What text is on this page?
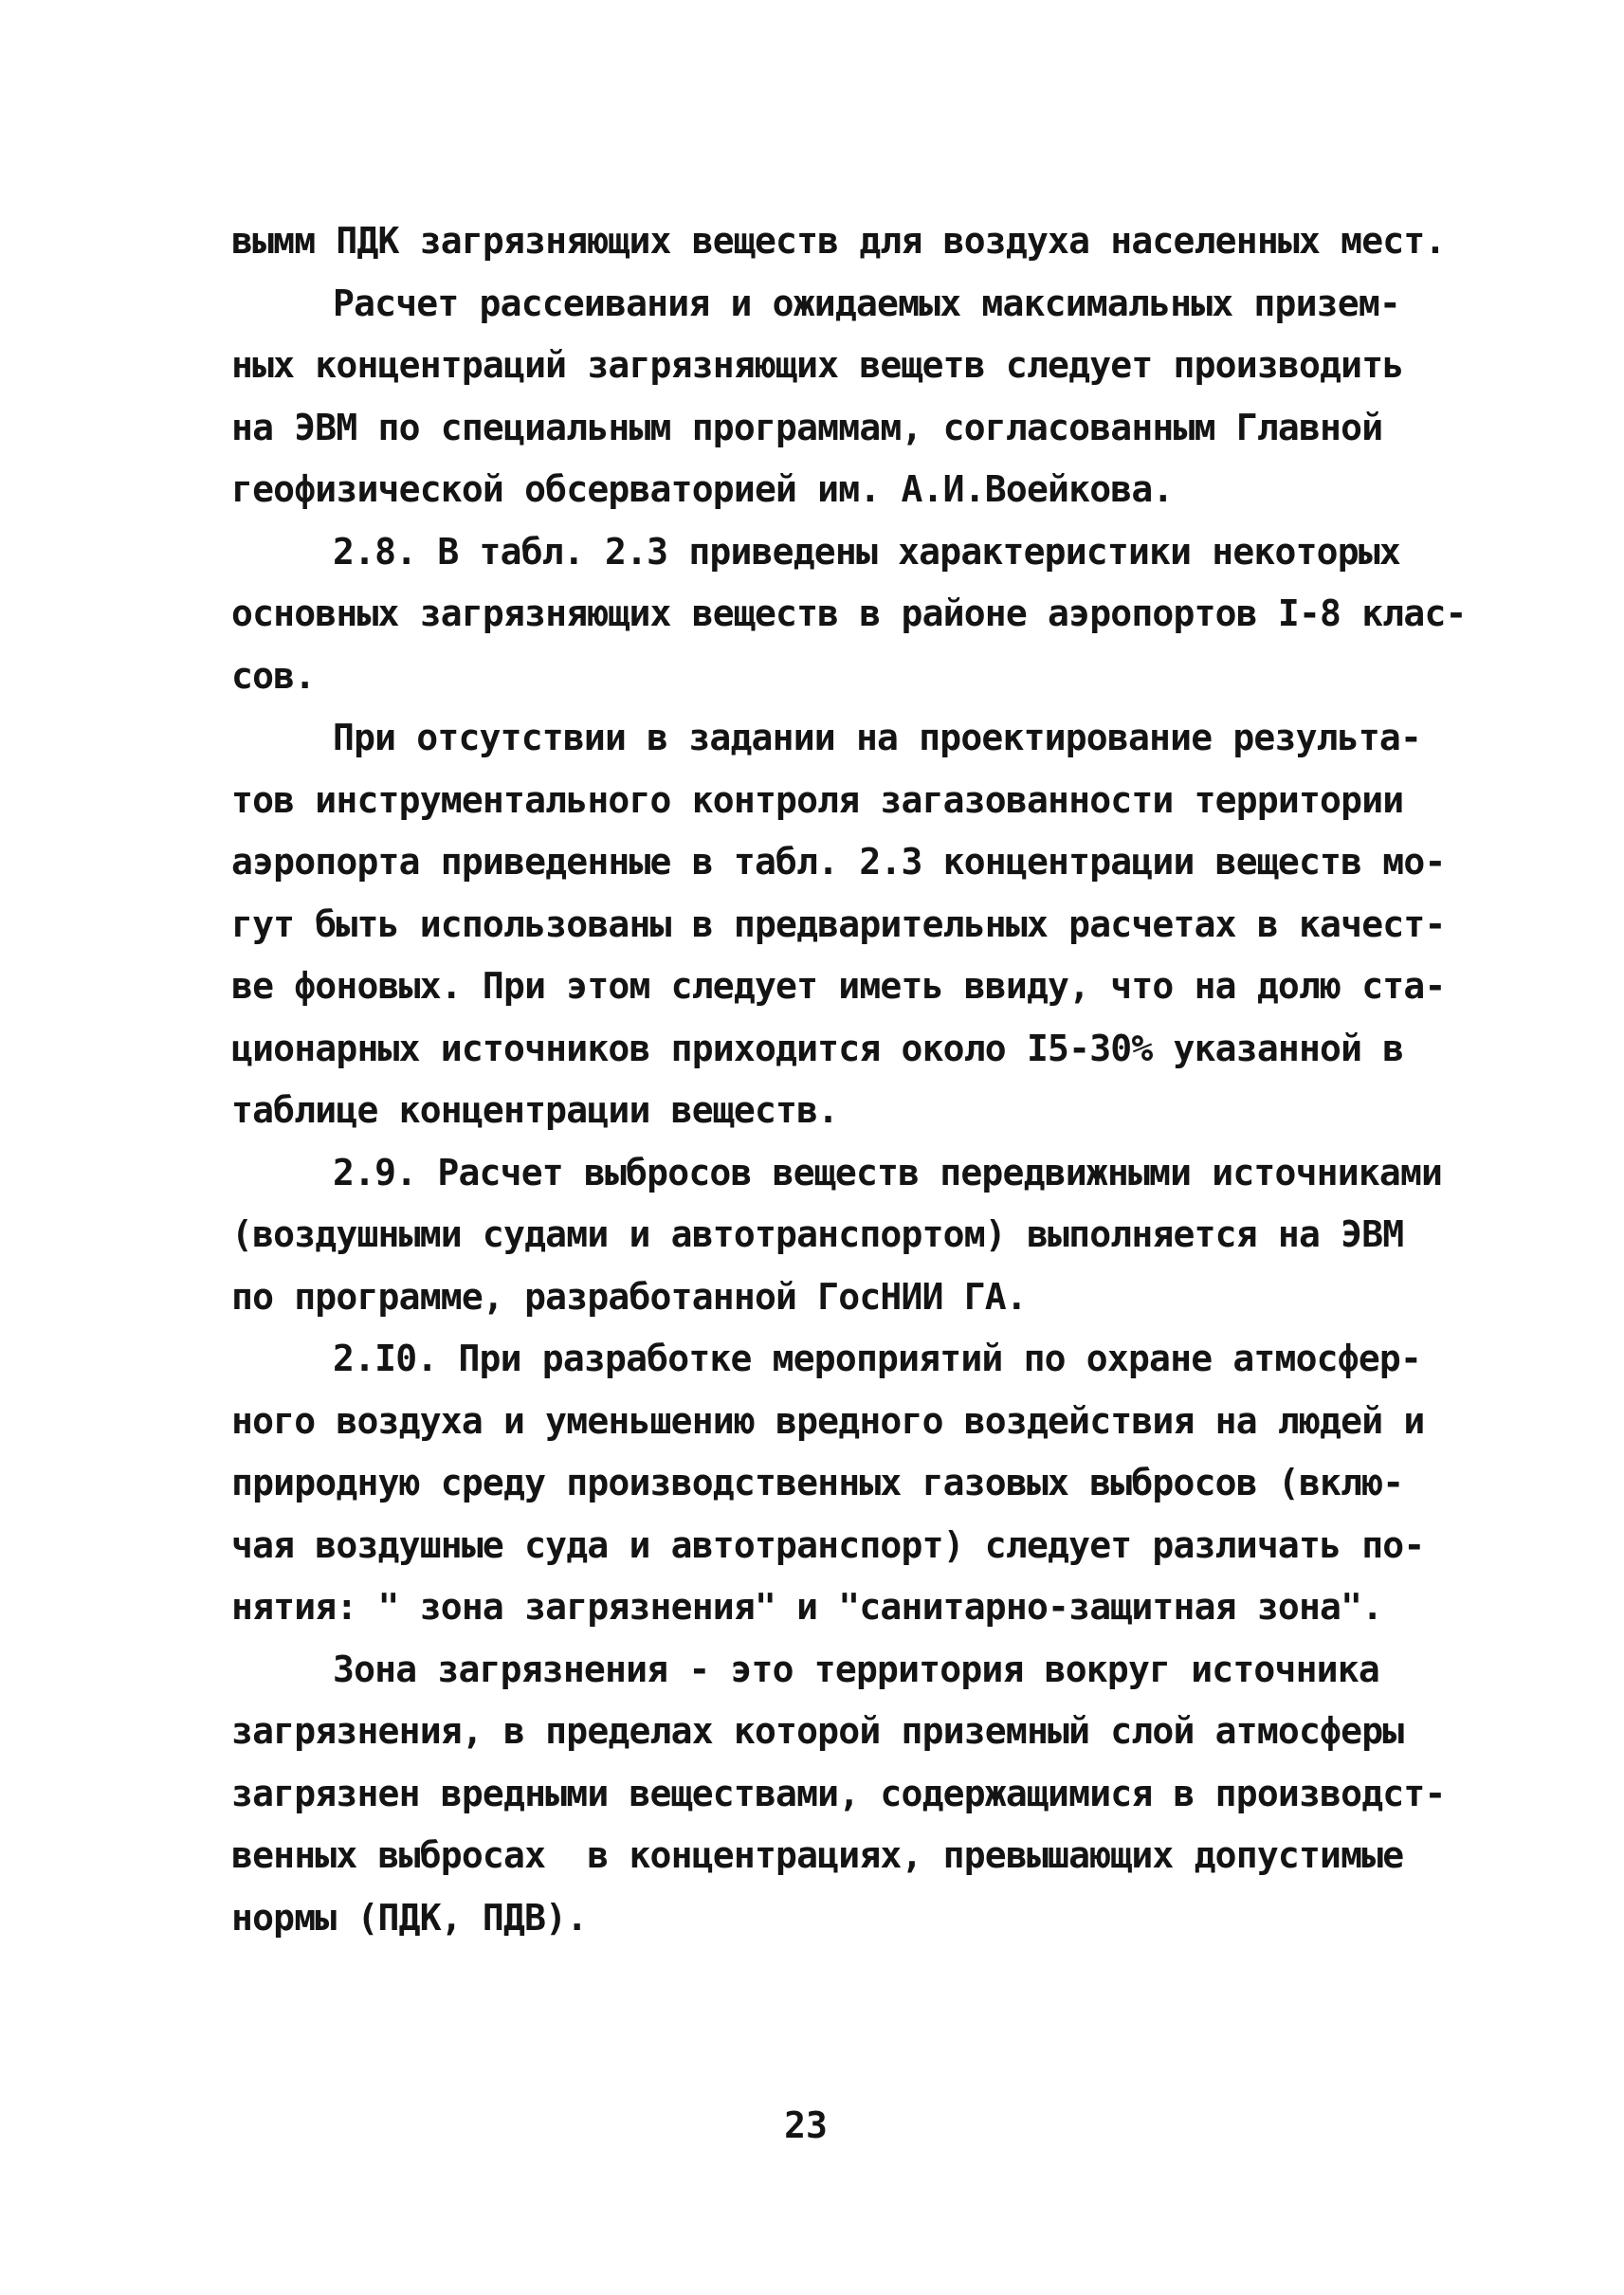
вымм ПДК загрязняющих веществ для воздуха населенных мест.
Расчет рассеивания и ожидаемых максимальных призем-
ных концентраций загрязняющих вещетв следует производить
на ЭВМ по специальным программам, согласованным Главной
геофизической обсерваторией им. А.И.Воейкова.
2.8. В табл. 2.3 приведены характеристики некоторых
основных загрязняющих веществ в районе аэропортов I-8 клас-
сов.
При отсутствии в задании на проектирование результа-
тов инструментального контроля загазованности территории
аэропорта приведенные в табл. 2.3 концентрации веществ мо-
гут быть использованы в предварительных расчетах в качест-
ве фоновых. При этом следует иметь ввиду, что на долю ста-
ционарных источников приходится около I5-30% указанной в
таблице концентрации веществ.
2.9. Расчет выбросов веществ передвижными источниками
(воздушными судами и автотранспортом) выполняется на ЭВМ
по программе, разработанной ГосНИИ ГА.
2.I0. При разработке мероприятий по охране атмосфер-
ного воздуха и уменьшению вредного воздействия на людей и
природную среду производственных газовых выбросов (вклю-
чая воздушные суда и автотранспорт) следует различать по-
нятия: " зона загрязнения" и "санитарно-защитная зона".
Зона загрязнения - это территория вокруг источника
загрязнения, в пределах которой приземный слой атмосферы
загрязнен вредными веществами, содержащимися в производст-
венных выбросах  в концентрациях, превышающих допустимые
нормы (ПДК, ПДВ).
23
